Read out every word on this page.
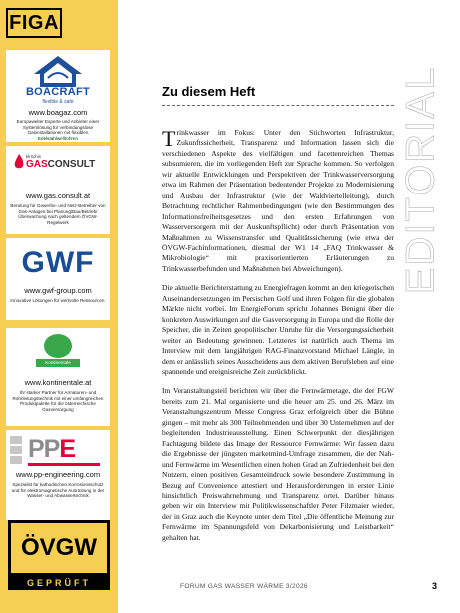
FIGA
BOACRAFT
flexible & safe
www.boagaz.com
Europaweiter Experte und Anbieter einer Systemlösung für verbindungslose Gasinstallationen mit flexiblen Edelstahlwellrohren
kirschis
GASCONSULT
www.gas.consult.at
Beratung für Gewerbe- und Netz-Betreiber von Gas-Anlagen bei Planung/Bau/Betrieb/Überwachung nach geltendem ÖVGW-Regelwerk
GWF
www.gwf-group.com
Innovative Lösungen für wertvolle Ressourcen.
Kontinentale
www.kontinentale.at
Ihr starker Partner für Armaturen- und Rohrleitungstechnik mit einer umfangreichen Produktpalette für die österreichische Gasversorgung
PPE
www.pp-engineering.com
Spezialist für kathodischen Korrosionsschutz und für elektromagnetische Ausrüstung in der Wasser- und Abwassertechnik
ÖVGW
GEPRÜFT
EDITORIAL
Zu diesem Heft

Trinkwasser im Fokus: Unter den Stichworten Infrastruktur, Zukunftssicherheit, Transparenz und Information lassen sich die verschiedenen Aspekte des vielfältigen und facettenreichen Themas subsumieren, die im vorliegenden Heft zur Sprache kommen. So verfolgen wir aktuelle Entwicklungen und Perspektiven der Trinkwasserversorgung etwa im Rahmen der Präsentation bedeutender Projekte zu Modernisierung und Ausbau der Infrastruktur (wie der Waldviertelleitung), durch Betrachtung rechtlicher Rahmenbedingungen (wie den Bestimmungen des Informationsfreiheitsgesetzes und den ersten Erfahrungen von Wasserversorgern mit der Auskunftspflicht) oder durch Präsentation von Maßnahmen zu Wissenstransfer und Qualitätssicherung (wie etwa der ÖVGW-Fachinformationen, diesmal der W1 14 „FAQ Trinkwasser & Mikrobiologie“ mit praxisorientierten Erläuterungen zu Trinkwasserbefunden und Maßnahmen bei Abweichungen).

Die aktuelle Berichterstattung zu Energiefragen kommt an den kriegerischen Auseinandersetzungen im Persischen Golf und ihren Folgen für die globalen Märkte nicht vorbei. Im EnergieForum spricht Johannes Benigni über die konkreten Auswirkungen auf die Gasversorgung in Europa und die Rolle der Speicher, die in Zeiten geopolitischer Unruhe für die Versorgungssicherheit weiter an Bedeutung gewinnen. Letzteres ist natürlich auch Thema im Interview mit dem langjährigen RAG-Finanzvorstand Michael Längle, in dem er anlässlich seines Ausscheidens aus dem aktiven Berufsleben auf eine spannende und ereignisreiche Zeit zurückblickt.

Im Veranstaltungsteil berichten wir über die Fernwärmetage, die der FGW bereits zum 21. Mal organisierte und die heuer am 25. und 26. März im Veranstaltungszentrum Messe Congress Graz erfolgreich über die Bühne gingen – mit mehr als 300 Teilnehmenden und über 30 Unternehmen auf der begleitenden Industrieausstellung. Einen Schwerpunkt der diesjährigen Fachtagung bildete das Image der Ressource Fernwärme: Wir fassen dazu die Ergebnisse der jüngsten marketmind-Umfrage zusammen, die der Nah- und Fernwärme im Wesentlichen einen hohen Grad an Zufriedenheit bei den Nutzern, einen positiven Gesamteindruck sowie besondere Zustimmung in Bezug auf Convenience attestiert und Herausforderungen in erster Linie hinsichtlich Preiswahrnehmung und Transparenz ortet. Darüber hinaus geben wir ein Interview mit Politikwissenschaftler Peter Filzmaier wieder, der in Graz auch die Keynote unter dem Titel „Die öffentliche Meinung zur Fernwärme im Spannungsfeld von Dekarbonisierung und Leistbarkeit“ gehalten hat.

FORUM GAS WASSER WÄRME 3/2026	3
